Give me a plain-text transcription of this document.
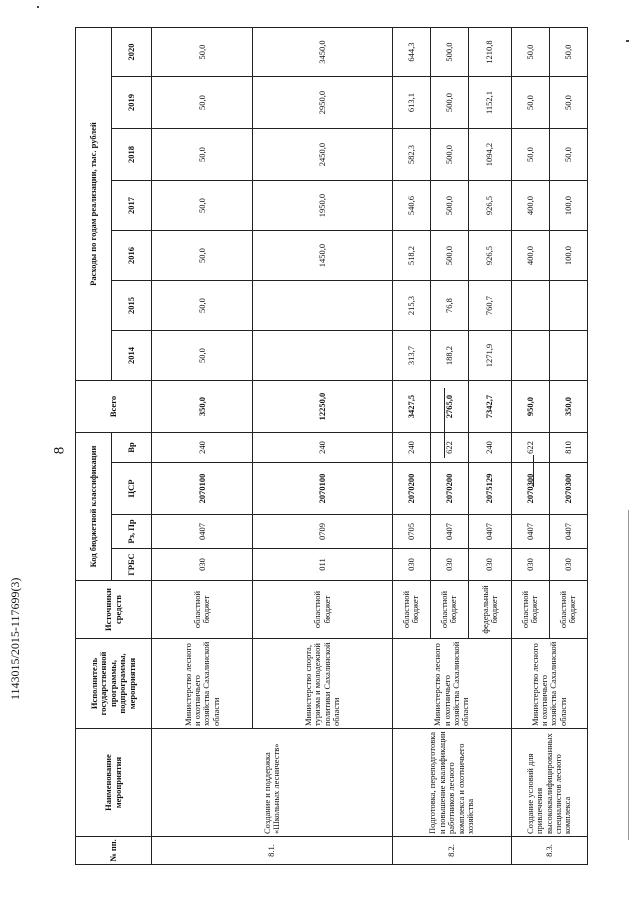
8
1143015/2015-117699(3)
№ пп.	Наименование мероприятия	Исполнитель государственной программы, подпрограммы, мероприятия	Источники средств	Код бюджетной классификации				Всего	Расходы по годам реализации, тыс. рублей						
				ГРБС	Рз, Пр	ЦСР	Вр		2014	2015	2016	2017	2018	2019	2020
8.1.	Создание и поддержка «Школьных лесничеств»	Министерство лесного и охотничьего хозяйства Сахалинской области	областной бюджет	030	0407	2070100	240	350,0	50,0	50,0	50,0	50,0	50,0	50,0	50,0
		Министерство спорта, туризма и молодежной политики Сахалинской области	областной бюджет	011	0709	2070100	240	12250,0			1450,0	1950,0	2450,0	2950,0	3450,0
8.2.	Подготовка, переподготовка и повышение квалификации работников лесного комплекса и охотничьего хозяйства	Министерство лесного и охотничьего хозяйства Сахалинской области	областной бюджет	030	0705	2070200	240	3427,5	313,7	215,3	518,2	540,6	582,3	613,1	644,3
			областной бюджет	030	0407	2070200	622	2765,0	188,2	76,8	500,0	500,0	500,0	500,0	500,0
			федеральный бюджет	030	0407	2075129	240	7342,7	1271,9	760,7	926,5	926,5	1094,2	1152,1	1210,8
8.3.	Создание условий для привлечения высококвалифицированных специалистов лесного комплекса	Министерство лесного и охотничьего хозяйства Сахалинской области	областной бюджет	030	0407	2070300	622	950,0			400,0	400,0	50,0	50,0	50,0
			областной бюджет	030	0407	2070300	810	350,0			100,0	100,0	50,0	50,0	50,0
